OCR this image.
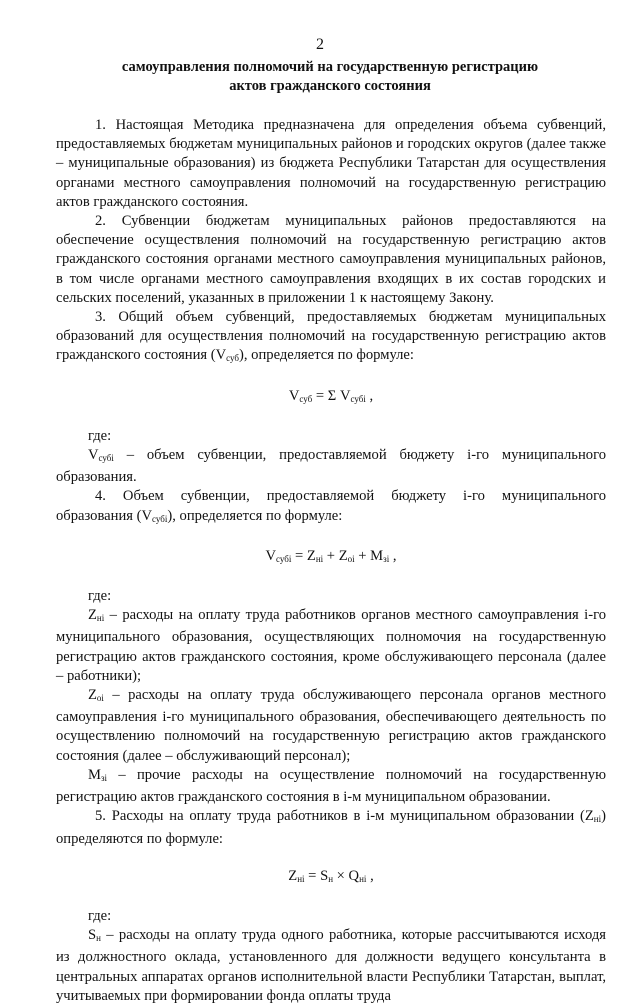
2
самоуправления полномочий на государственную регистрацию
актов гражданского состояния

1. Настоящая Методика предназначена для определения объема субвенций, предоставляемых бюджетам муниципальных районов и городских округов (далее также – муниципальные образования) из бюджета Республики Татарстан для осуществления органами местного самоуправления полномочий на государственную регистрацию актов гражданского состояния.

2. Субвенции бюджетам муниципальных районов предоставляются на обеспечение осуществления полномочий на государственную регистрацию актов гражданского состояния органами местного самоуправления муниципальных районов, в том числе органами местного самоуправления входящих в их состав городских и сельских поселений, указанных в приложении 1 к настоящему Закону.

3. Общий объем субвенций, предоставляемых бюджетам муниципальных образований для осуществления полномочий на государственную регистрацию актов гражданского состояния $(V_{суб})$, определяется по формуле:

$V_{суб} = \Sigma$ $V_{субi}$ ,

где:

$V_{субi}$ – объем субвенции, предоставляемой бюджету i-го муниципального образования.

4. Объем субвенции, предоставляемой бюджету i-го муниципального образования $(V_{субi})$, определяется по формуле:

$V_{субi} = Z_{нi} + Z_{оi} + M_{зi}$ ,

где:

$Z_{нi}$ – расходы на оплату труда работников органов местного самоуправления i-го муниципального образования, осуществляющих полномочия на государственную регистрацию актов гражданского состояния, кроме обслуживающего персонала (далее – работники);

$Z_{оi}$ – расходы на оплату труда обслуживающего персонала органов местного самоуправления i-го муниципального образования, обеспечивающего деятельность по осуществлению полномочий на государственную регистрацию актов гражданского состояния (далее – обслуживающий персонал);

$M_{зi}$ – прочие расходы на осуществление полномочий на государственную регистрацию актов гражданского состояния в i-м муниципальном образовании.

5. Расходы на оплату труда работников в i-м муниципальном образовании $(Z_{нi})$ определяются по формуле:

$Z_{нi} = S_н \times Q_{нi}$ ,

где:

$S_н$ – расходы на оплату труда одного работника, которые рассчитываются исходя из должностного оклада, установленного для должности ведущего консультанта в центральных аппаратах органов исполнительной власти Республики Татарстан, выплат, учитываемых при формировании фонда оплаты труда
